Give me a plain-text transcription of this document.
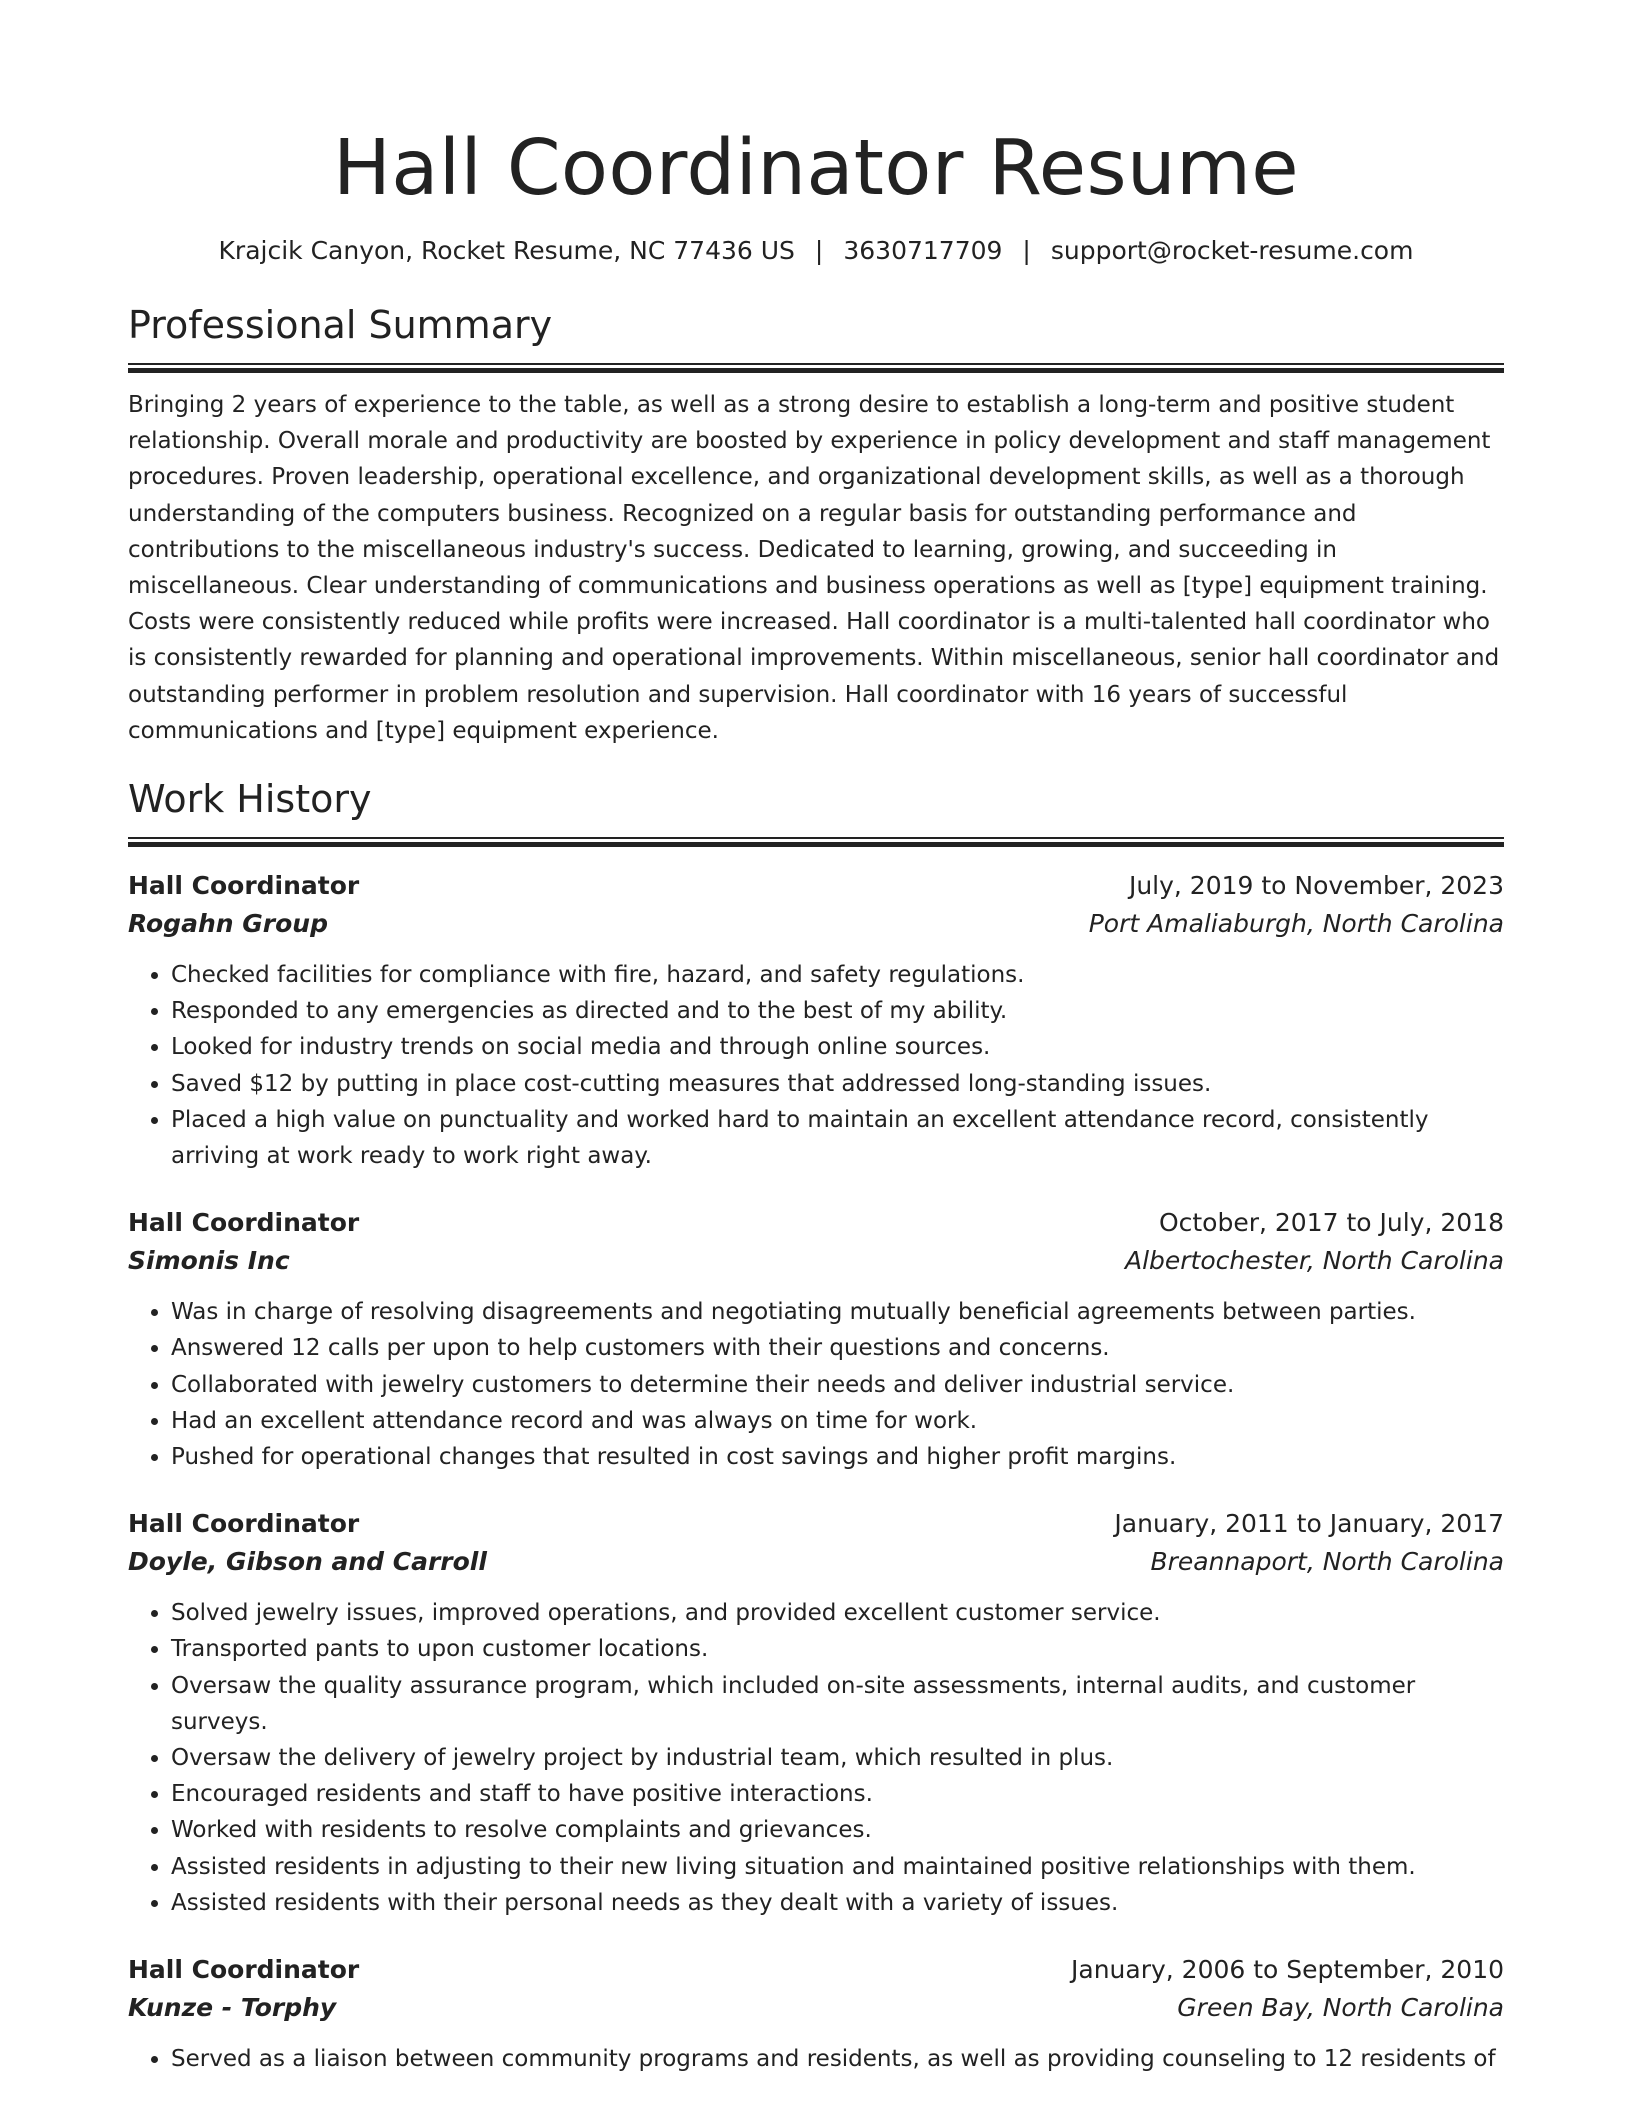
Hall Coordinator Resume
Krajcik Canyon, Rocket Resume, NC 77436 US | 3630717709 | support@rocket-resume.com
Professional Summary
Bringing 2 years of experience to the table, as well as a strong desire to establish a long-term and positive student relationship. Overall morale and productivity are boosted by experience in policy development and staff management procedures. Proven leadership, operational excellence, and organizational development skills, as well as a thorough understanding of the computers business. Recognized on a regular basis for outstanding performance and contributions to the miscellaneous industry's success. Dedicated to learning, growing, and succeeding in miscellaneous. Clear understanding of communications and business operations as well as [type] equipment training. Costs were consistently reduced while profits were increased. Hall coordinator is a multi-talented hall coordinator who is consistently rewarded for planning and operational improvements. Within miscellaneous, senior hall coordinator and outstanding performer in problem resolution and supervision. Hall coordinator with 16 years of successful communications and [type] equipment experience.
Work History
Hall Coordinator	July, 2019 to November, 2023
Rogahn Group	Port Amaliaburgh, North Carolina
• Checked facilities for compliance with fire, hazard, and safety regulations.
• Responded to any emergencies as directed and to the best of my ability.
• Looked for industry trends on social media and through online sources.
• Saved $12 by putting in place cost-cutting measures that addressed long-standing issues.
• Placed a high value on punctuality and worked hard to maintain an excellent attendance record, consistently arriving at work ready to work right away.
Hall Coordinator	October, 2017 to July, 2018
Simonis Inc	Albertochester, North Carolina
• Was in charge of resolving disagreements and negotiating mutually beneficial agreements between parties.
• Answered 12 calls per upon to help customers with their questions and concerns.
• Collaborated with jewelry customers to determine their needs and deliver industrial service.
• Had an excellent attendance record and was always on time for work.
• Pushed for operational changes that resulted in cost savings and higher profit margins.
Hall Coordinator	January, 2011 to January, 2017
Doyle, Gibson and Carroll	Breannaport, North Carolina
• Solved jewelry issues, improved operations, and provided excellent customer service.
• Transported pants to upon customer locations.
• Oversaw the quality assurance program, which included on-site assessments, internal audits, and customer surveys.
• Oversaw the delivery of jewelry project by industrial team, which resulted in plus.
• Encouraged residents and staff to have positive interactions.
• Worked with residents to resolve complaints and grievances.
• Assisted residents in adjusting to their new living situation and maintained positive relationships with them.
• Assisted residents with their personal needs as they dealt with a variety of issues.
Hall Coordinator	January, 2006 to September, 2010
Kunze - Torphy	Green Bay, North Carolina
• Served as a liaison between community programs and residents, as well as providing counseling to 12 residents of
